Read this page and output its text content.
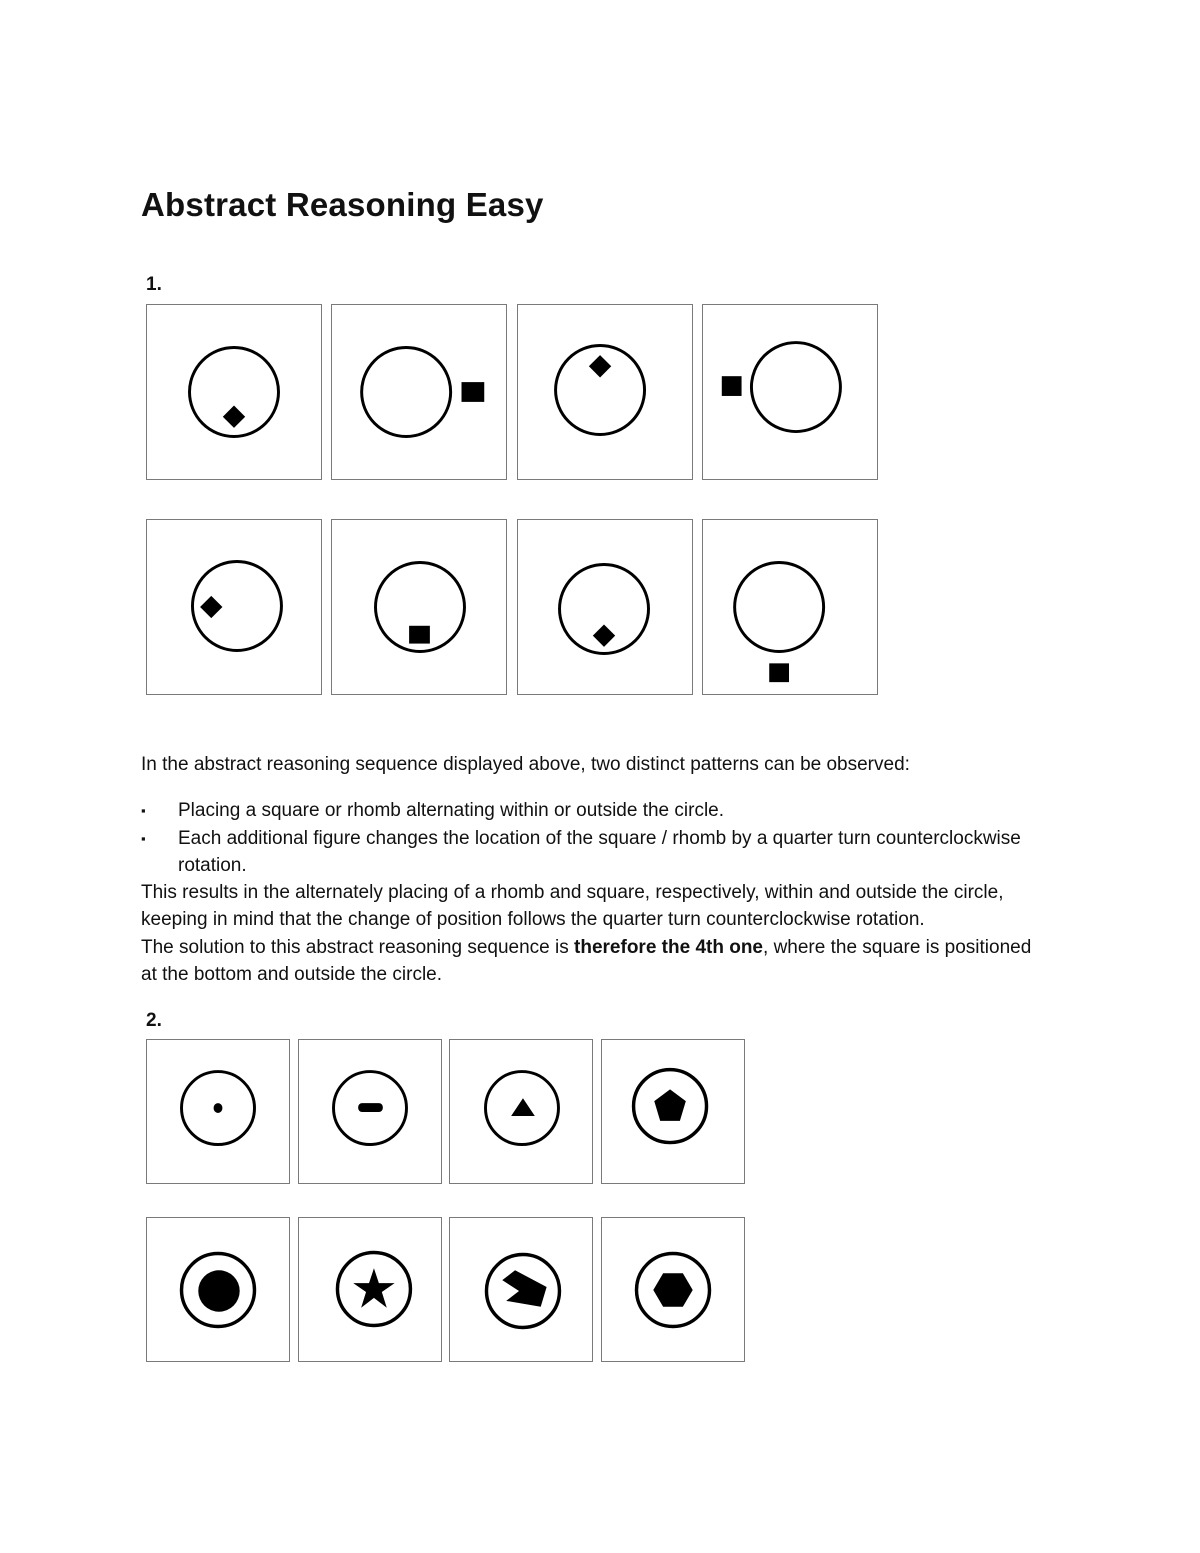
Abstract Reasoning Easy
1.

In the abstract reasoning sequence displayed above, two distinct patterns can be observed:

▪ Placing a square or rhomb alternating within or outside the circle.
▪ Each additional figure changes the location of the square / rhomb by a quarter turn counterclockwise rotation.

This results in the alternately placing of a rhomb and square, respectively, within and outside the circle, keeping in mind that the change of position follows the quarter turn counterclockwise rotation.

The solution to this abstract reasoning sequence is therefore the 4th one, where the square is positioned at the bottom and outside the circle.

2.
